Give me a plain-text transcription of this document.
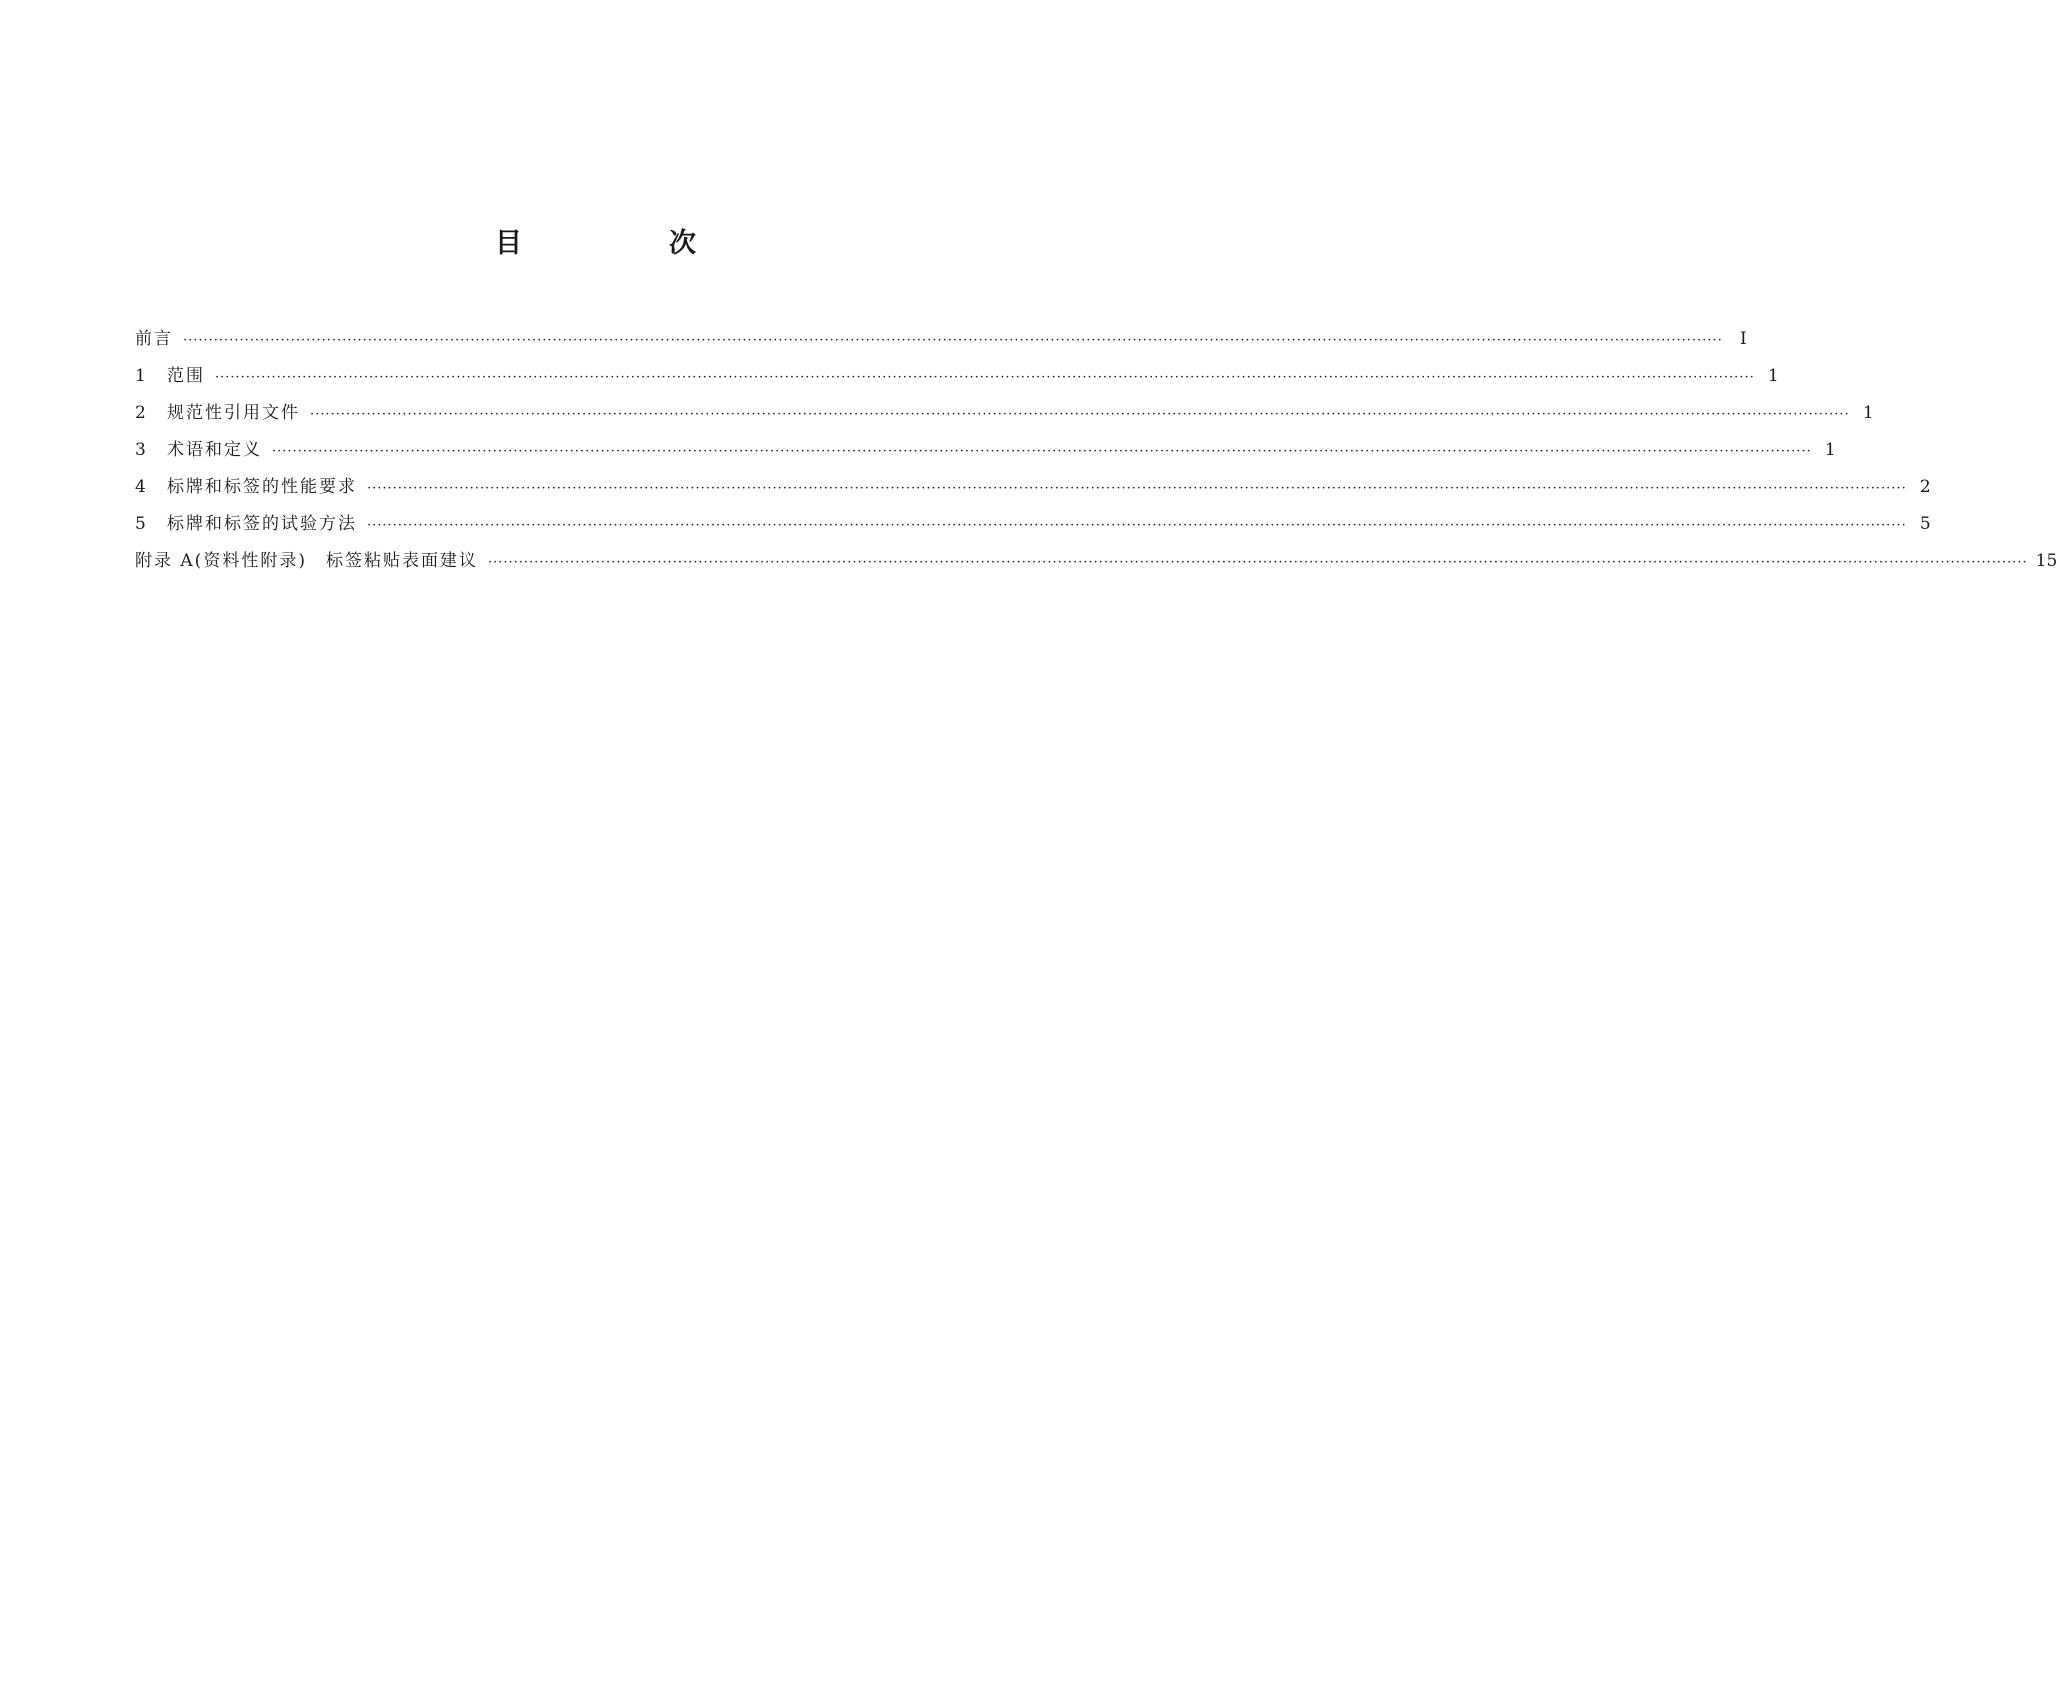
目　次
前言 ············································································································································································································································································································	Ⅰ
1	范围 ············································································································································································································································································································ 1
2	规范性引用文件 ············································································································································································································································································································ 1
3	术语和定义 ············································································································································································································································································································ 1
4	标牌和标签的性能要求 ············································································································································································································································································································ 2
5	标牌和标签的试验方法 ············································································································································································································································································································ 5
附录 A(资料性附录)　标签粘贴表面建议 ············································································································································································································································································································ 15
